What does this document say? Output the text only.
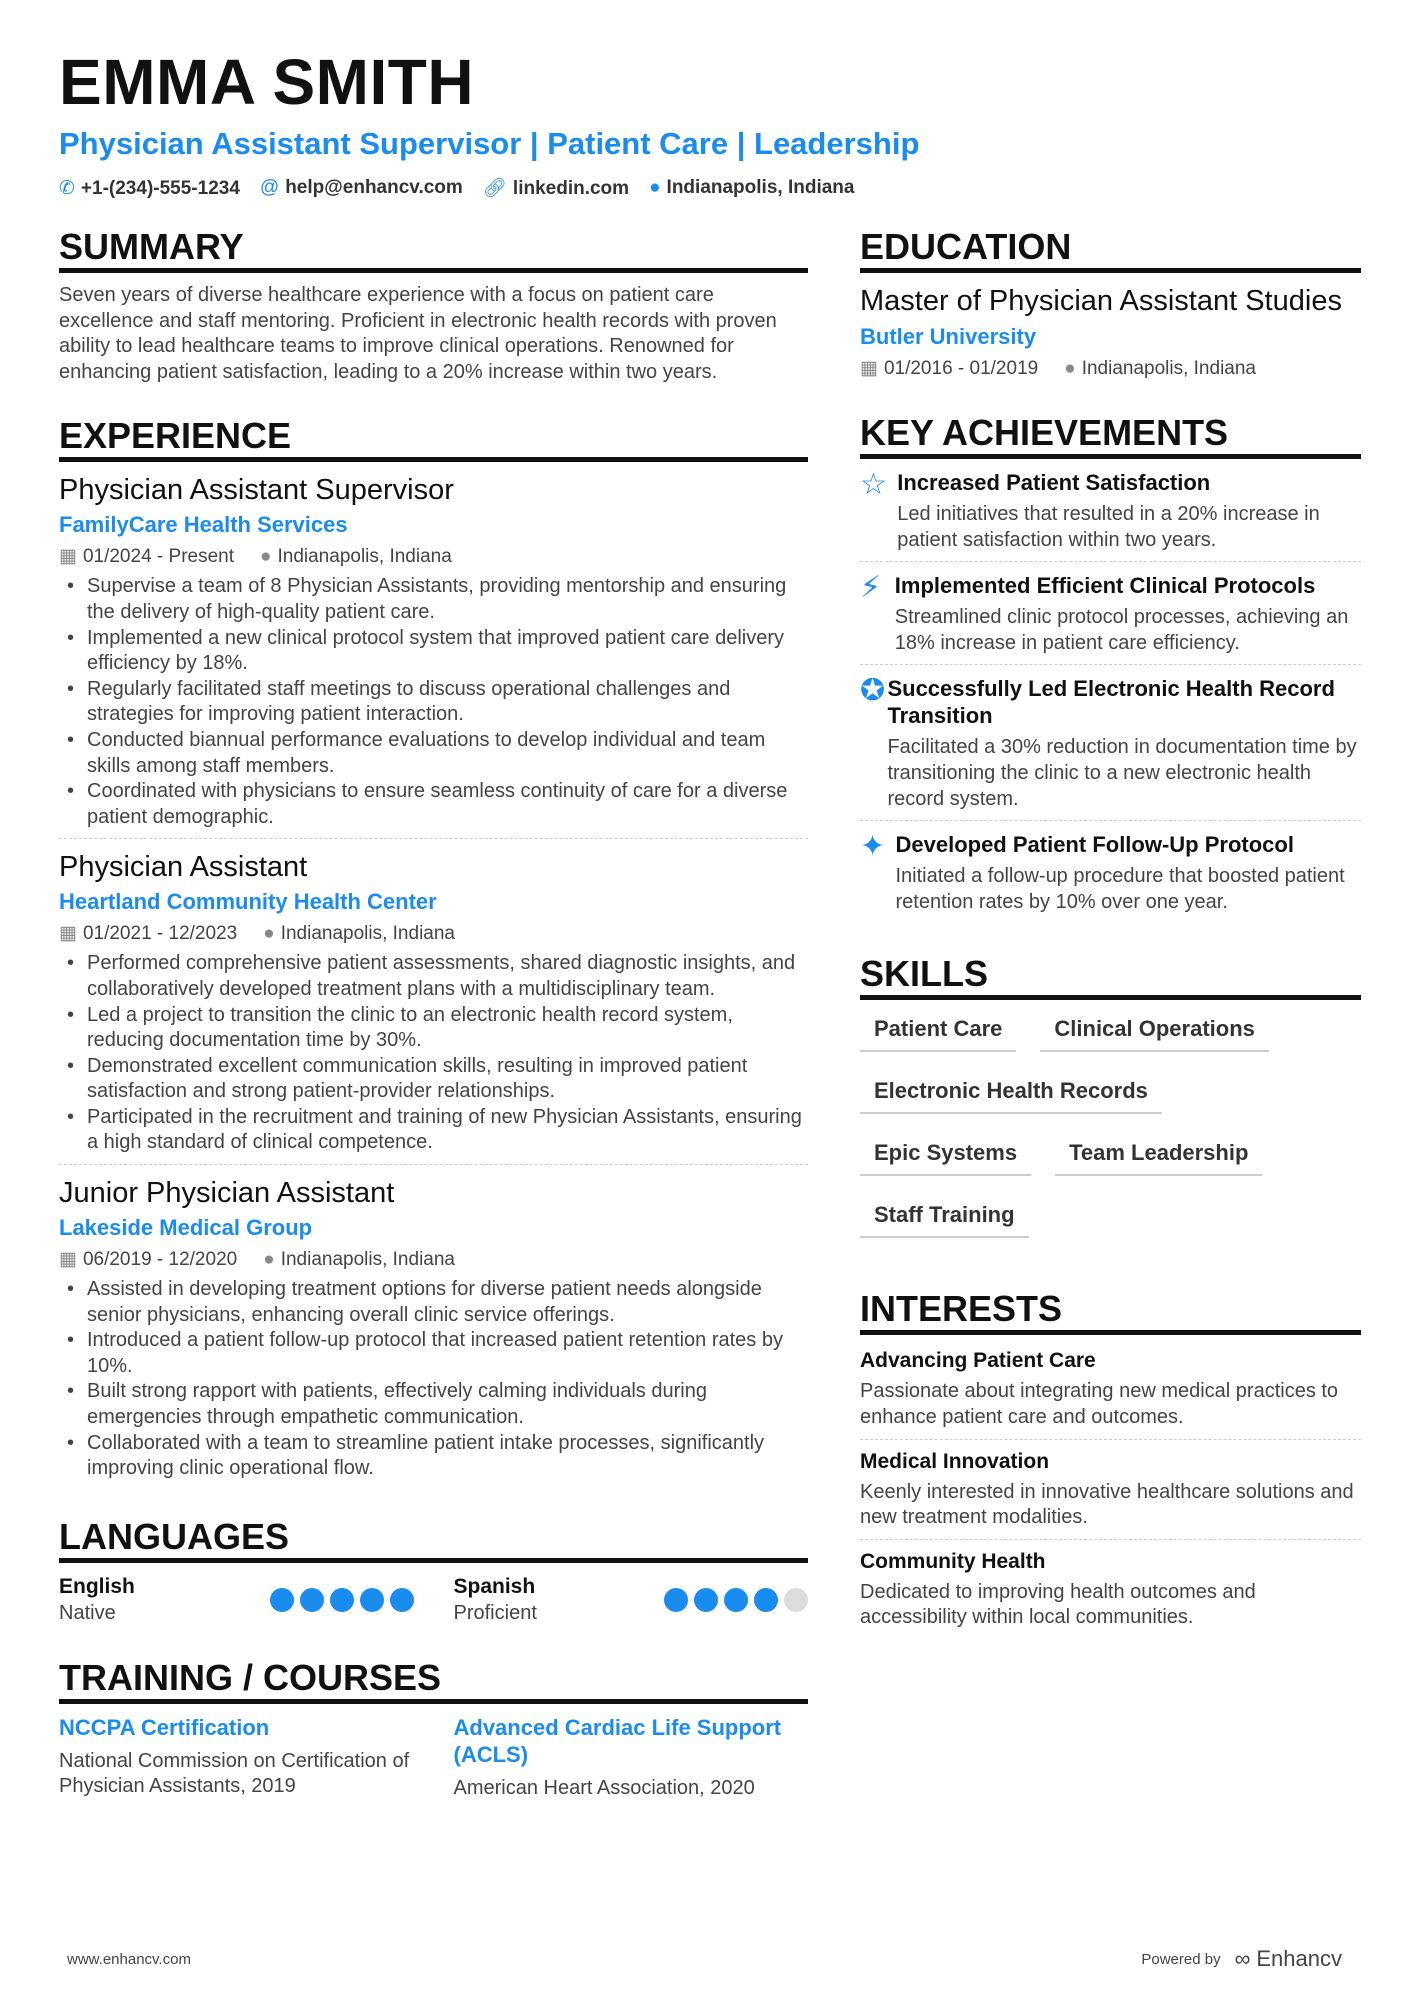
EMMA SMITH
Physician Assistant Supervisor | Patient Care | Leadership
✆ +1-(234)-555-1234 @ help@enhancv.com 🔗︎ linkedin.com ● Indianapolis, Indiana
SUMMARY
Seven years of diverse healthcare experience with a focus on patient care excellence and staff mentoring. Proficient in electronic health records with proven ability to lead healthcare teams to improve clinical operations. Renowned for enhancing patient satisfaction, leading to a 20% increase within two years.
EXPERIENCE
Physician Assistant Supervisor
FamilyCare Health Services
▦ 01/2024 - Present ● Indianapolis, Indiana
• Supervise a team of 8 Physician Assistants, providing mentorship and ensuring the delivery of high-quality patient care.
• Implemented a new clinical protocol system that improved patient care delivery efficiency by 18%.
• Regularly facilitated staff meetings to discuss operational challenges and strategies for improving patient interaction.
• Conducted biannual performance evaluations to develop individual and team skills among staff members.
• Coordinated with physicians to ensure seamless continuity of care for a diverse patient demographic.
Physician Assistant
Heartland Community Health Center
▦ 01/2021 - 12/2023 ● Indianapolis, Indiana
• Performed comprehensive patient assessments, shared diagnostic insights, and collaboratively developed treatment plans with a multidisciplinary team.
• Led a project to transition the clinic to an electronic health record system, reducing documentation time by 30%.
• Demonstrated excellent communication skills, resulting in improved patient satisfaction and strong patient-provider relationships.
• Participated in the recruitment and training of new Physician Assistants, ensuring a high standard of clinical competence.
Junior Physician Assistant
Lakeside Medical Group
▦ 06/2019 - 12/2020 ● Indianapolis, Indiana
• Assisted in developing treatment options for diverse patient needs alongside senior physicians, enhancing overall clinic service offerings.
• Introduced a patient follow-up protocol that increased patient retention rates by 10%.
• Built strong rapport with patients, effectively calming individuals during emergencies through empathetic communication.
• Collaborated with a team to streamline patient intake processes, significantly improving clinic operational flow.
LANGUAGES
English
Native
Spanish
Proficient
TRAINING / COURSES
NCCPA Certification
National Commission on Certification of Physician Assistants, 2019
Advanced Cardiac Life Support (ACLS)
American Heart Association, 2020
EDUCATION
Master of Physician Assistant Studies
Butler University
▦ 01/2016 - 01/2019 ● Indianapolis, Indiana
KEY ACHIEVEMENTS
☆ Increased Patient Satisfaction
Led initiatives that resulted in a 20% increase in patient satisfaction within two years.
⚡︎ Implemented Efficient Clinical Protocols
Streamlined clinic protocol processes, achieving an 18% increase in patient care efficiency.
✪ Successfully Led Electronic Health Record Transition
Facilitated a 30% reduction in documentation time by transitioning the clinic to a new electronic health record system.
✦ Developed Patient Follow-Up Protocol
Initiated a follow-up procedure that boosted patient retention rates by 10% over one year.
SKILLS
Patient Care	Clinical Operations
Electronic Health Records
Epic Systems	Team Leadership
Staff Training
INTERESTS
Advancing Patient Care
Passionate about integrating new medical practices to enhance patient care and outcomes.
Medical Innovation
Keenly interested in innovative healthcare solutions and new treatment modalities.
Community Health
Dedicated to improving health outcomes and accessibility within local communities.
www.enhancv.com	Powered by ∞ Enhancv
